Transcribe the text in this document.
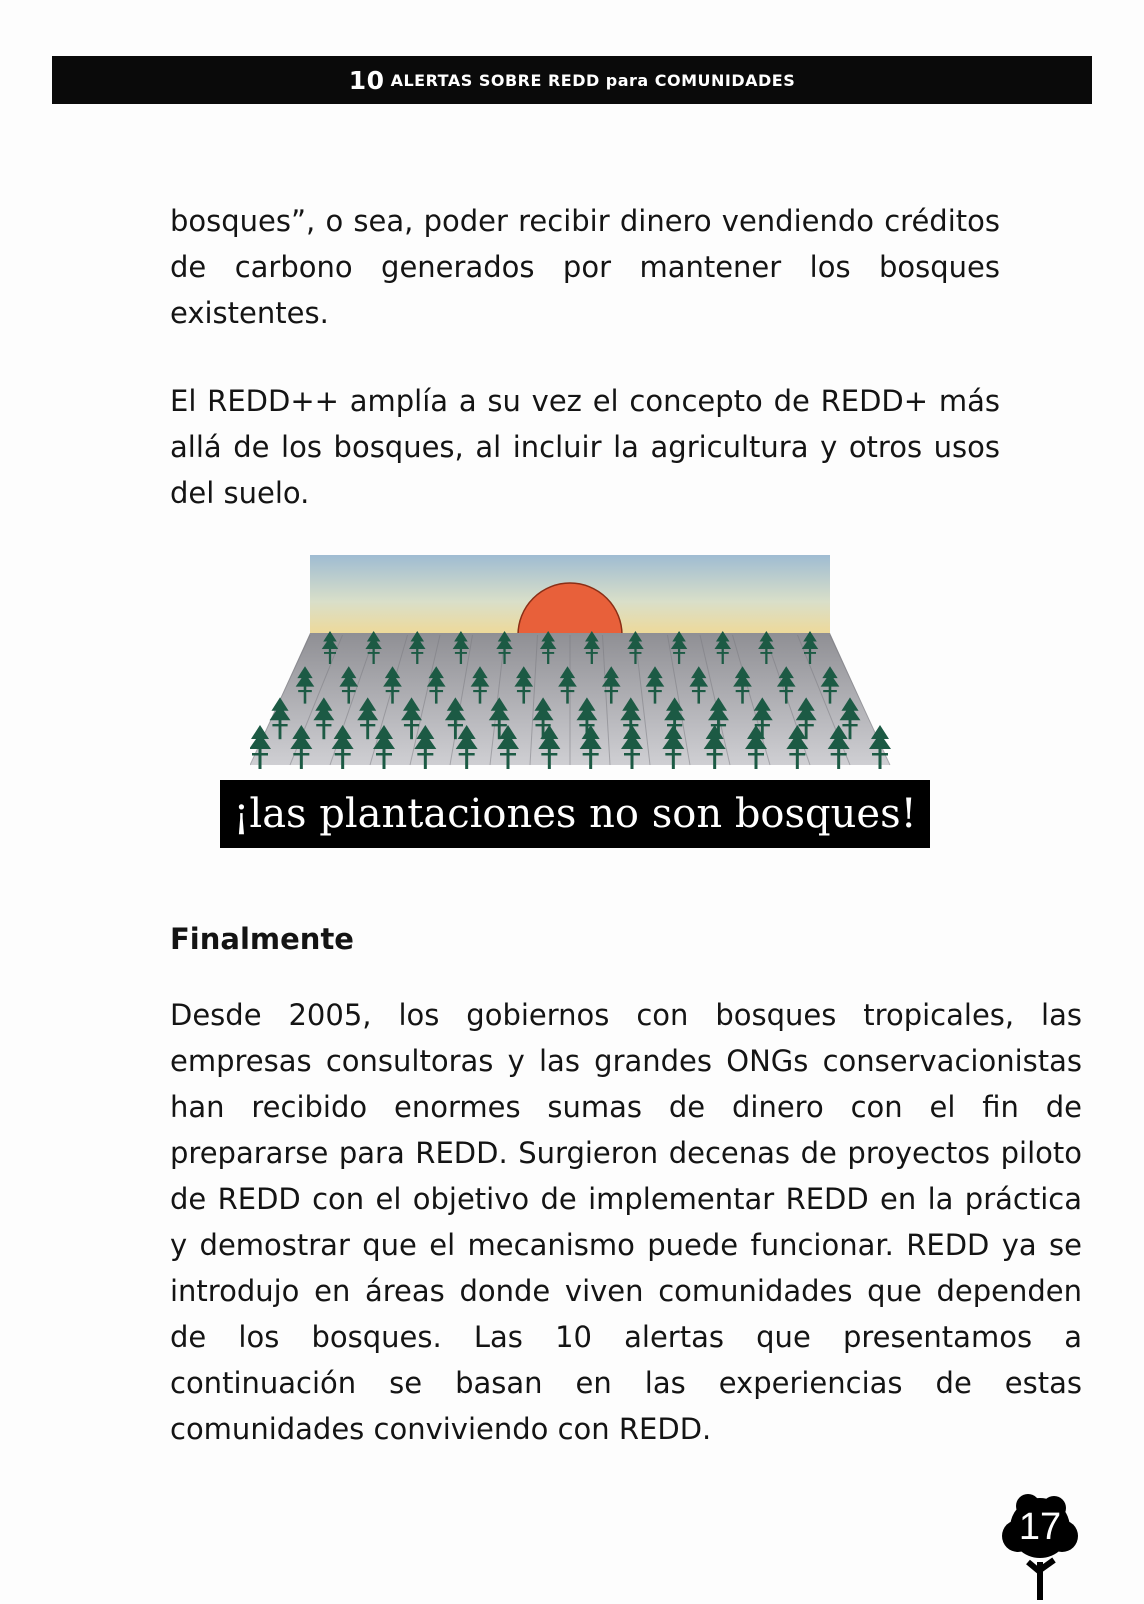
10 ALERTAS SOBRE REDD para COMUNIDADES

bosques”, o sea, poder recibir dinero vendiendo créditos de carbono generados por mantener los bosques existentes.

El REDD++ amplía a su vez el concepto de REDD+ más allá de los bosques, al incluir la agricultura y otros usos del suelo.

¡las plantaciones no son bosques!
Finalmente

Desde 2005, los gobiernos con bosques tropicales, las empresas consultoras y las grandes ONGs conservacionistas han recibido enormes sumas de dinero con el fin de prepararse para REDD. Surgieron decenas de proyectos piloto de REDD con el objetivo de implementar REDD en la práctica y demostrar que el mecanismo puede funcionar. REDD ya se introdujo en áreas donde viven comunidades que dependen de los bosques. Las 10 alertas que presentamos a continuación se basan en las experiencias de estas comunidades conviviendo con REDD.

17
